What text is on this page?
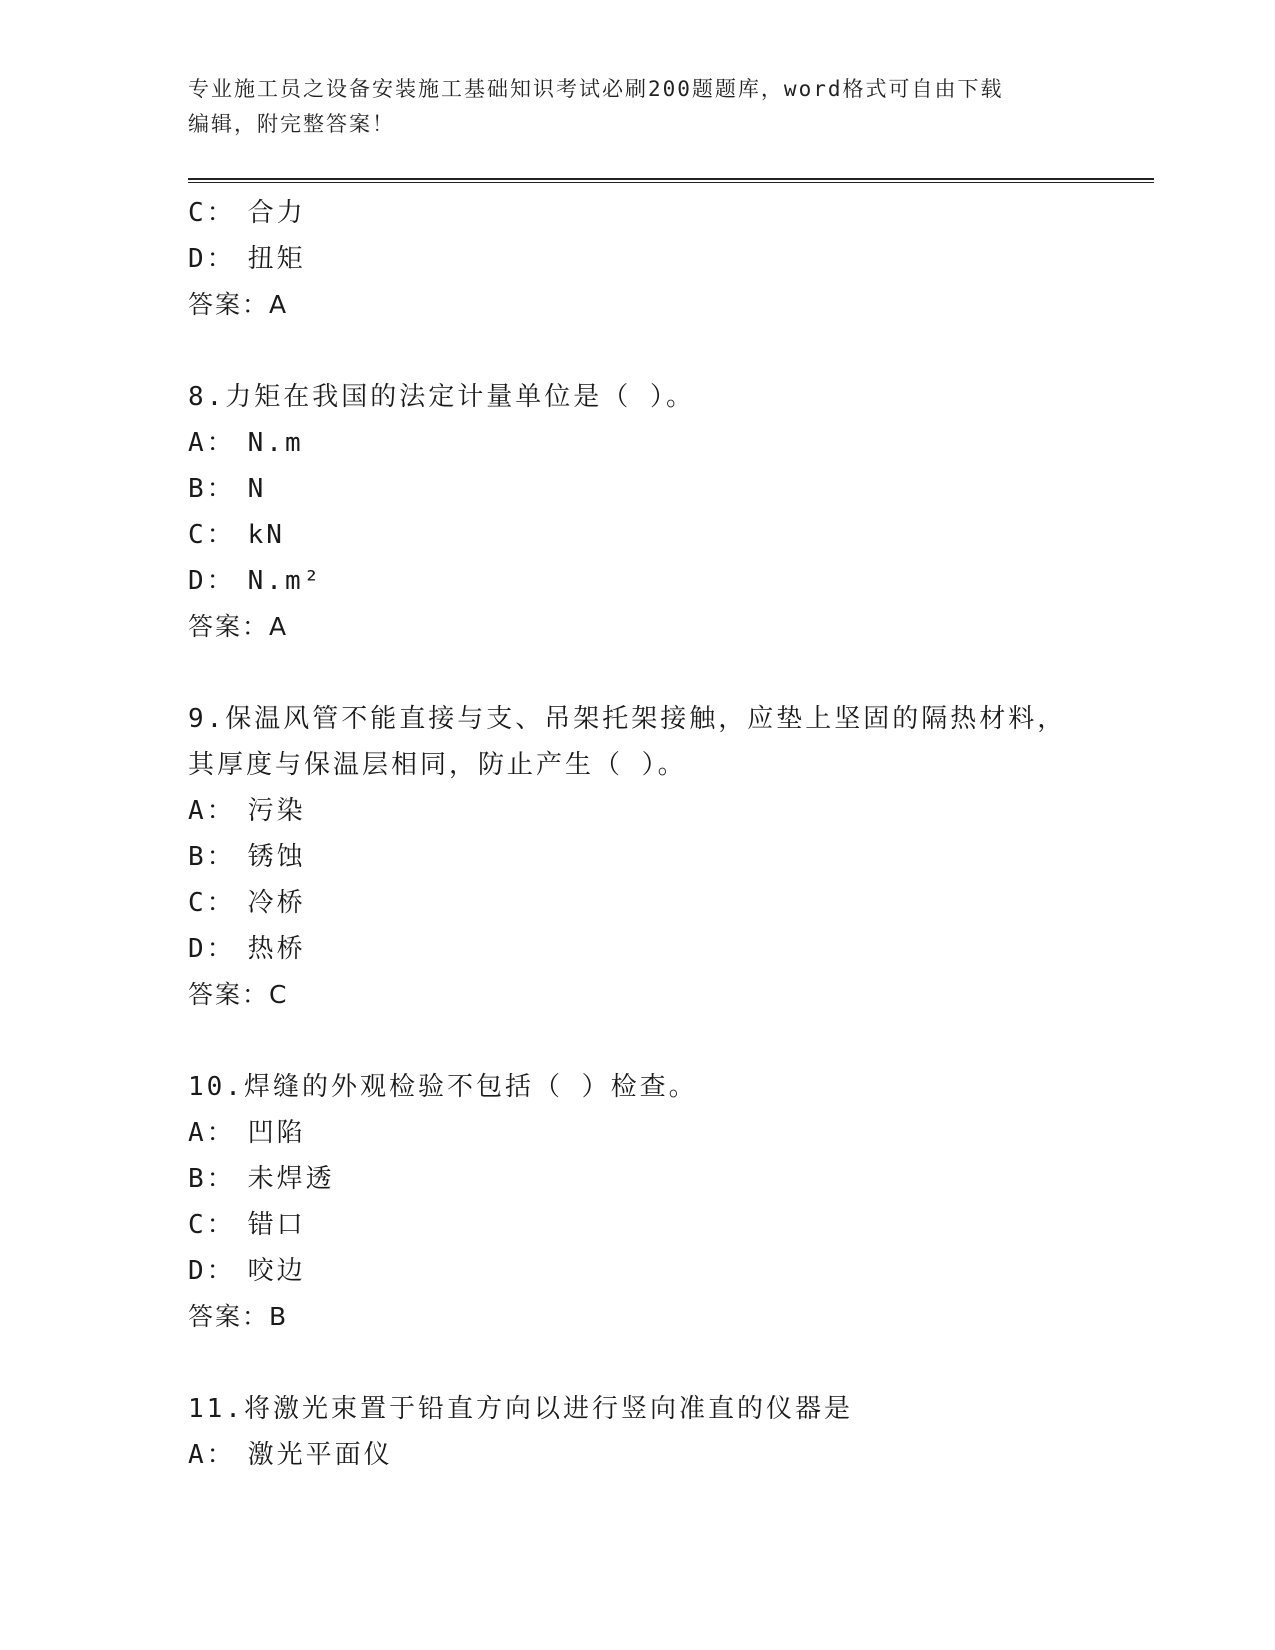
专业施工员之设备安装施工基础知识考试必刷200题题库，word格式可自由下载
编辑，附完整答案！
C： 合力
D： 扭矩
答案：A
8.力矩在我国的法定计量单位是（ ）。
A： N.m
B： N
C： kN
D： N.m²
答案：A
9.保温风管不能直接与支、吊架托架接触，应垫上坚固的隔热材料，
其厚度与保温层相同，防止产生（ ）。
A： 污染
B： 锈蚀
C： 冷桥
D： 热桥
答案：C
10.焊缝的外观检验不包括（ ）检查。
A： 凹陷
B： 未焊透
C： 错口
D： 咬边
答案：B
11.将激光束置于铅直方向以进行竖向准直的仪器是
A： 激光平面仪
